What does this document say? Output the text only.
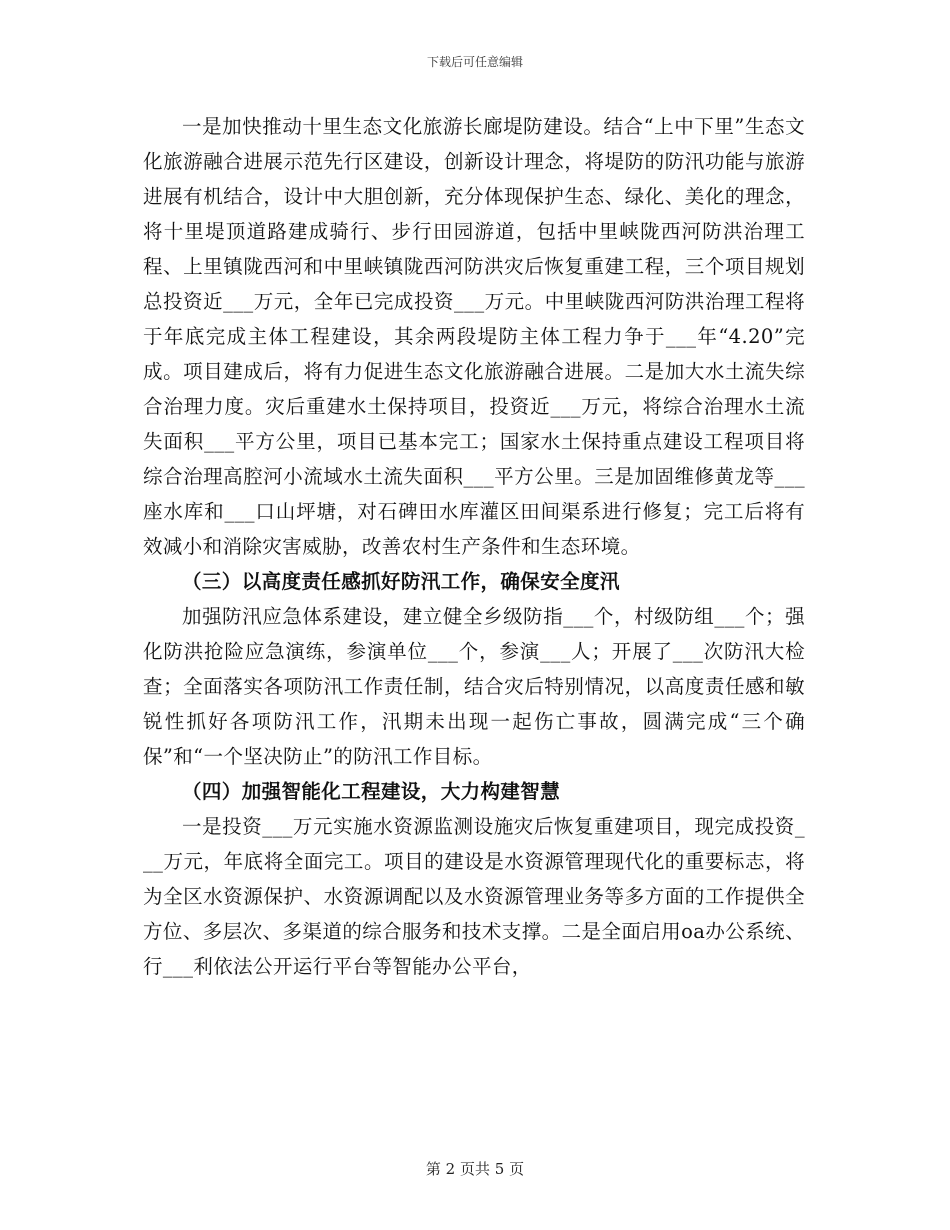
下载后可任意编辑

一是加快推动十里生态文化旅游长廊堤防建设。结合“上中下里”生态文化旅游融合进展示范先行区建设，创新设计理念，将堤防的防汛功能与旅游进展有机结合，设计中大胆创新，充分体现保护生态、绿化、美化的理念，将十里堤顶道路建成骑行、步行田园游道，包括中里峡陇西河防洪治理工程、上里镇陇西河和中里峡镇陇西河防洪灾后恢复重建工程，三个项目规划总投资近___万元，全年已完成投资___万元。中里峡陇西河防洪治理工程将于年底完成主体工程建设，其余两段堤防主体工程力争于___年“4.20”完成。项目建成后，将有力促进生态文化旅游融合进展。二是加大水土流失综合治理力度。灾后重建水土保持项目，投资近___万元，将综合治理水土流失面积___平方公里，项目已基本完工；国家水土保持重点建设工程项目将综合治理高腔河小流域水土流失面积___平方公里。三是加固维修黄龙等___座水库和___口山坪塘，对石碑田水库灌区田间渠系进行修复；完工后将有效减小和消除灾害威胁，改善农村生产条件和生态环境。

（三）以高度责任感抓好防汛工作，确保安全度汛

加强防汛应急体系建设，建立健全乡级防指___个，村级防组___个；强化防洪抢险应急演练，参演单位___个，参演___人；开展了___次防汛大检查；全面落实各项防汛工作责任制，结合灾后特别情况，以高度责任感和敏锐性抓好各项防汛工作，汛期未出现一起伤亡事故，圆满完成“三个确保”和“一个坚决防止”的防汛工作目标。

（四）加强智能化工程建设，大力构建智慧

一是投资___万元实施水资源监测设施灾后恢复重建项目，现完成投资___万元，年底将全面完工。项目的建设是水资源管理现代化的重要标志，将为全区水资源保护、水资源调配以及水资源管理业务等多方面的工作提供全方位、多层次、多渠道的综合服务和技术支撑。二是全面启用oa办公系统、行___利依法公开运行平台等智能办公平台，

第 2 页共 5 页
